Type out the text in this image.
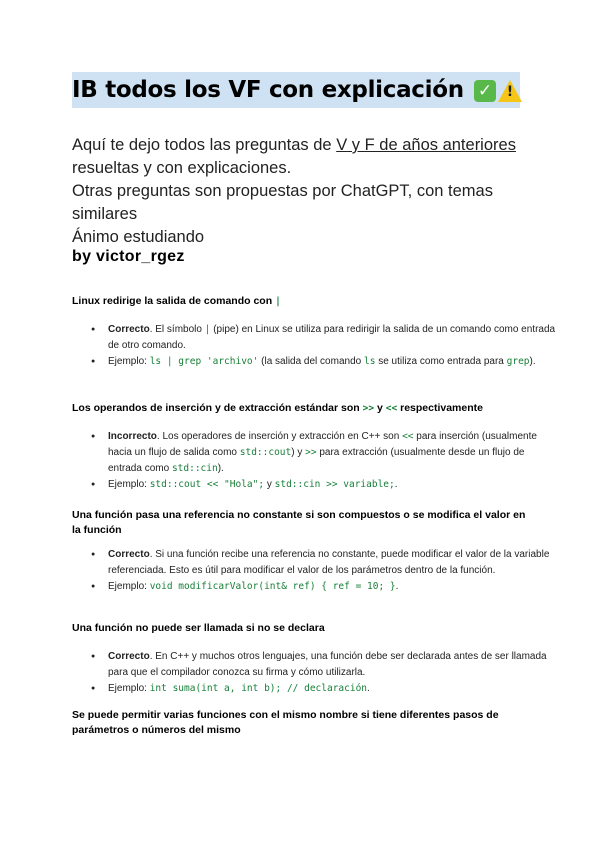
IB todos los VF con explicación ✓ !
Aquí te dejo todos las preguntas de V y F de años anteriores resueltas y con explicaciones.
Otras preguntas son propuestas por ChatGPT, con temas similares
Ánimo estudiando
by victor_rgez
Linux redirige la salida de comando con |
● Correcto. El símbolo | (pipe) en Linux se utiliza para redirigir la salida de un comando como entrada de otro comando.
● Ejemplo: ls | grep 'archivo' (la salida del comando ls se utiliza como entrada para grep).
Los operandos de inserción y de extracción estándar son >> y << respectivamente
● Incorrecto. Los operadores de inserción y extracción en C++ son << para inserción (usualmente hacia un flujo de salida como std::cout) y >> para extracción (usualmente desde un flujo de entrada como std::cin).
● Ejemplo: std::cout << "Hola"; y std::cin >> variable;.
Una función pasa una referencia no constante si son compuestos o se modifica el valor en la función
● Correcto. Si una función recibe una referencia no constante, puede modificar el valor de la variable referenciada. Esto es útil para modificar el valor de los parámetros dentro de la función.
● Ejemplo: void modificarValor(int& ref) { ref = 10; }.
Una función no puede ser llamada si no se declara
● Correcto. En C++ y muchos otros lenguajes, una función debe ser declarada antes de ser llamada para que el compilador conozca su firma y cómo utilizarla.
● Ejemplo: int suma(int a, int b); // declaración.
Se puede permitir varias funciones con el mismo nombre si tiene diferentes pasos de parámetros o números del mismo
